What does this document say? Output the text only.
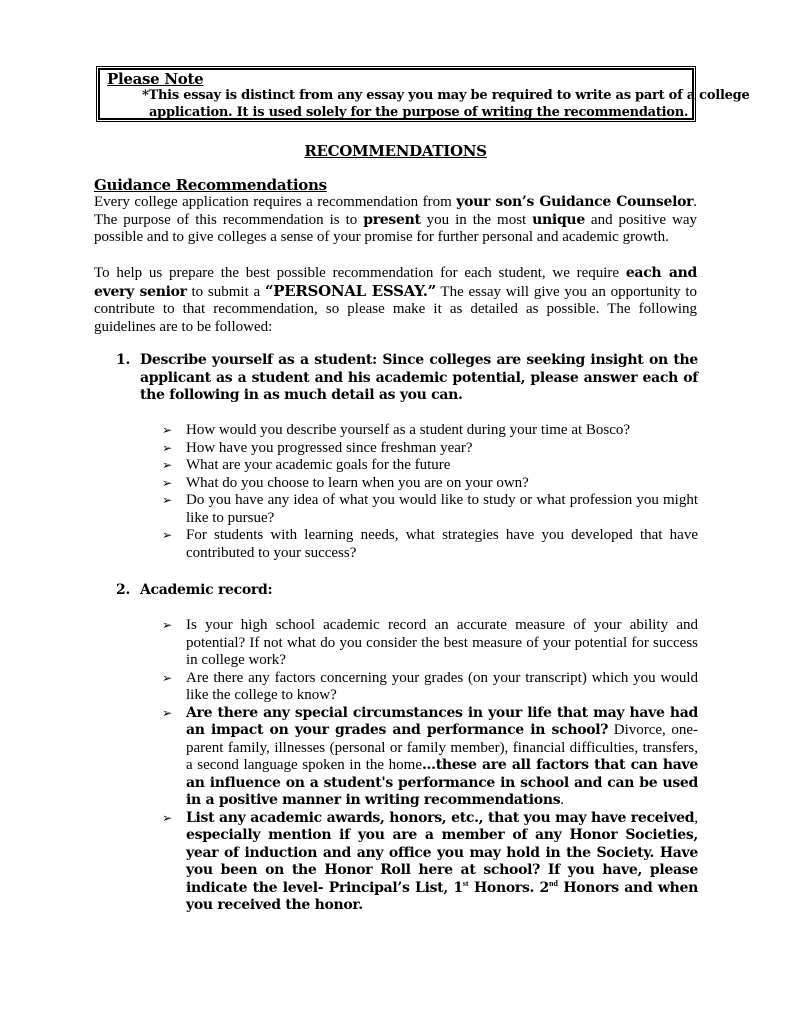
Please Note
*This essay is distinct from any essay you may be required to write as part of a college
application. It is used solely for the purpose of writing the recommendation.
RECOMMENDATIONS
Guidance Recommendations
Every college application requires a recommendation from your son’s Guidance Counselor. The purpose of this recommendation is to present you in the most unique and positive way possible and to give colleges a sense of your promise for further personal and academic growth.
To help us prepare the best possible recommendation for each student, we require each and every senior to submit a “PERSONAL ESSAY.” The essay will give you an opportunity to contribute to that recommendation, so please make it as detailed as possible. The following guidelines are to be followed:
1. Describe yourself as a student: Since colleges are seeking insight on the applicant as a student and his academic potential, please answer each of the following in as much detail as you can.
➢ How would you describe yourself as a student during your time at Bosco?
➢ How have you progressed since freshman year?
➢ What are your academic goals for the future
➢ What do you choose to learn when you are on your own?
➢ Do you have any idea of what you would like to study or what profession you might like to pursue?
➢ For students with learning needs, what strategies have you developed that have contributed to your success?
2. Academic record:
➢ Is your high school academic record an accurate measure of your ability and potential? If not what do you consider the best measure of your potential for success in college work?
➢ Are there any factors concerning your grades (on your transcript) which you would like the college to know?
➢ Are there any special circumstances in your life that may have had an impact on your grades and performance in school? Divorce, one-parent family, illnesses (personal or family member), financial difficulties, transfers, a second language spoken in the home...these are all factors that can have an influence on a student's performance in school and can be used in a positive manner in writing recommendations.
➢ List any academic awards, honors, etc., that you may have received, especially mention if you are a member of any Honor Societies, year of induction and any office you may hold in the Society. Have you been on the Honor Roll here at school? If you have, please indicate the level- Principal’s List, 1st Honors. 2nd Honors and when you received the honor.
